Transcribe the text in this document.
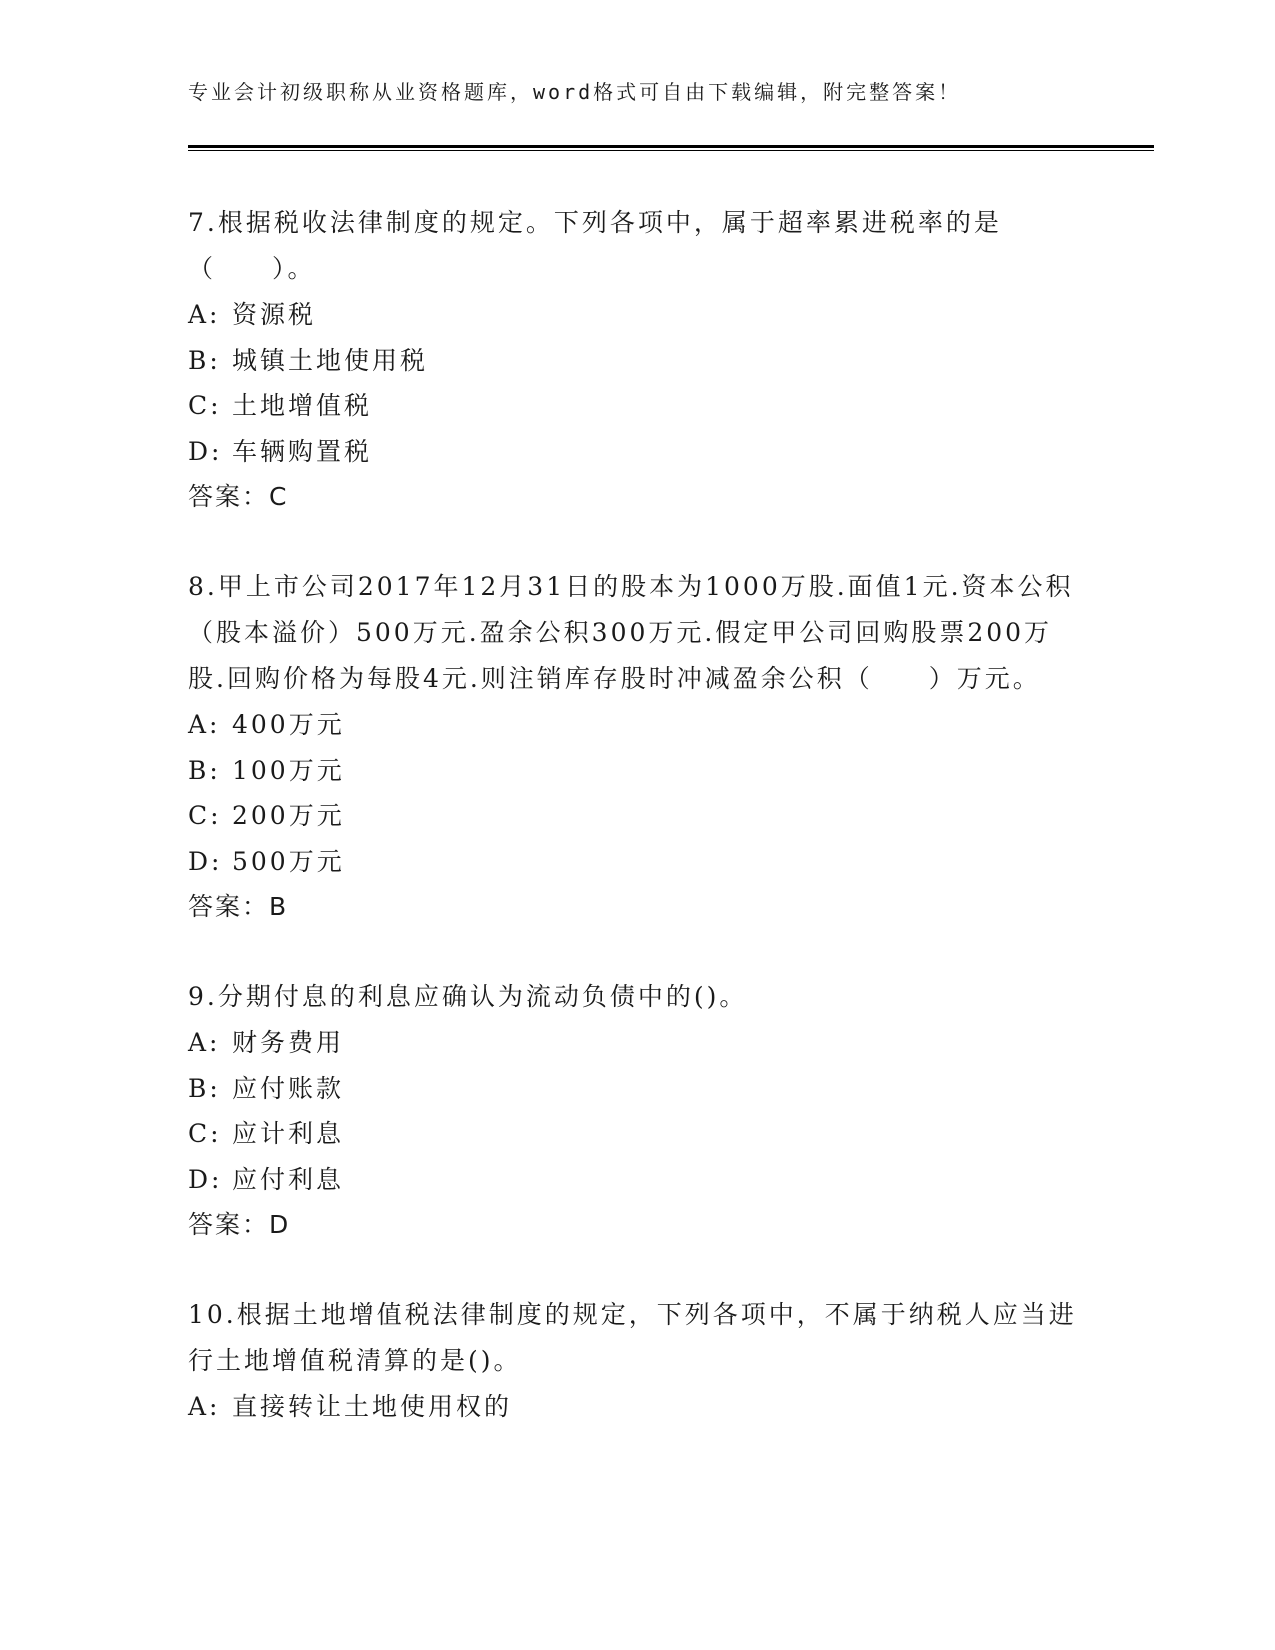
专业会计初级职称从业资格题库，word格式可自由下载编辑，附完整答案！

7.根据税收法律制度的规定。下列各项中，属于超率累进税率的是（　　）。

A: 资源税

B: 城镇土地使用税

C: 土地增值税

D: 车辆购置税

答案：C

8.甲上市公司2017年12月31日的股本为1000万股.面值1元.资本公积（股本溢价）500万元.盈余公积300万元.假定甲公司回购股票200万股.回购价格为每股4元.则注销库存股时冲减盈余公积（　　）万元。

A: 400万元

B: 100万元

C: 200万元

D: 500万元

答案：B

9.分期付息的利息应确认为流动负债中的()。

A: 财务费用

B: 应付账款

C: 应计利息

D: 应付利息

答案：D

10.根据土地增值税法律制度的规定，下列各项中，不属于纳税人应当进行土地增值税清算的是()。

A: 直接转让土地使用权的
